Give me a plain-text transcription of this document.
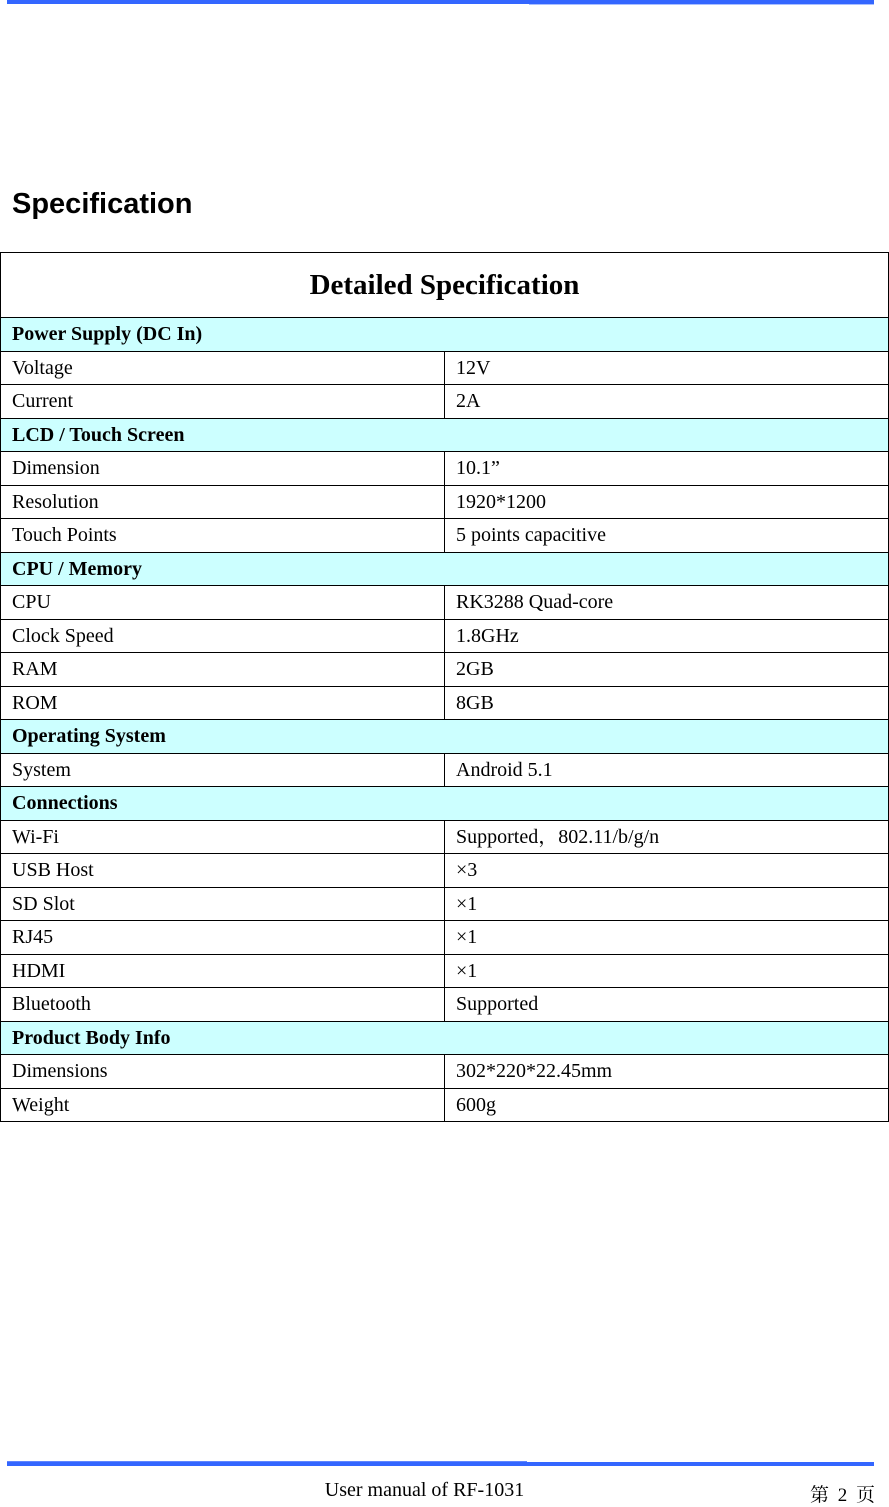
Specification
Detailed Specification	
Power Supply (DC In)	
Voltage	12V
Current	2A
LCD / Touch Screen	
Dimension	10.1”
Resolution	1920*1200
Touch Points	5 points capacitive
CPU / Memory	
CPU	RK3288 Quad-core
Clock Speed	1.8GHz
RAM	2GB
ROM	8GB
Operating System	
System	Android 5.1
Connections	
Wi-Fi	Supported，802.11/b/g/n
USB Host	×3
SD Slot	×1
RJ45	×1
HDMI	×1
Bluetooth	Supported
Product Body Info	
Dimensions	302*220*22.45mm
Weight	600g
User manual of RF-1031	第 2 页
